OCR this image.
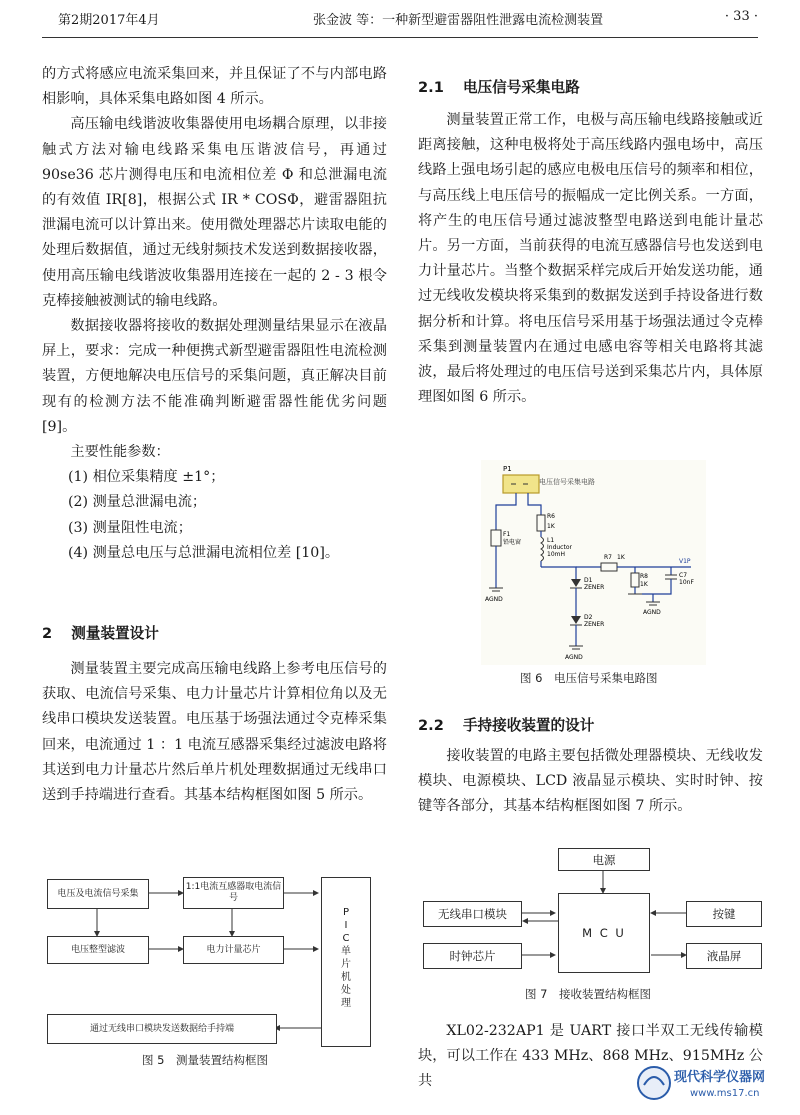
第2期2017年4月	张金波 等：一种新型避雷器阻性泄露电流检测装置	· 33 ·

的方式将感应电流采集回来，并且保证了不与内部电路相影响，具体采集电路如图 4 所示。

高压输电线谐波收集器使用电场耦合原理，以非接触式方法对输电线路采集电压谐波信号，再通过 90se36 芯片测得电压和电流相位差 Φ 和总泄漏电流的有效值 IR[8]，根据公式 IR * COSΦ，避雷器阻抗泄漏电流可以计算出来。使用微处理器芯片读取电能的处理后数据值，通过无线射频技术发送到数据接收器，使用高压输电线谐波收集器用连接在一起的 2 - 3 根令克棒接触被测试的输电线路。

数据接收器将接收的数据处理测量结果显示在液晶屏上，要求：完成一种便携式新型避雷器阻性电流检测装置，方便地解决电压信号的采集问题，真正解决目前现有的检测方法不能准确判断避雷器性能优劣问题[9]。

主要性能参数：

(1) 相位采集精度 ±1°；

(2) 测量总泄漏电流；

(3) 测量阻性电流；

(4) 测量总电压与总泄漏电流相位差 [10]。

2 测量装置设计

测量装置主要完成高压输电线路上参考电压信号的获取、电流信号采集、电力计量芯片计算相位角以及无线串口模块发送装置。电压基于场强法通过令克棒采集回来，电流通过 1 ：1 电流互感器采集经过滤波电路将其送到电力计量芯片然后单片机处理数据通过无线串口送到手持端进行查看。其基本结构框图如图 5 所示。

电压及电流信号采集
1:1电流互感器取电流信号
电压整型滤波	电力计量芯片
通过无线串口模块发送数据给手持端
P
I
C
单
片
机
处
理
图 5　测量装置结构框图
2.1 电压信号采集电路

测量装置正常工作，电极与高压输电线路接触或近距离接触，这种电极将处于高压线路内强电场中，高压线路上强电场引起的感应电极电压信号的频率和相位，与高压线上电压信号的振幅成一定比例关系。一方面，将产生的电压信号通过滤波整型电路送到电能计量芯片。另一方面，当前获得的电流互感器信号也发送到电力计量芯片。当整个数据采样完成后开始发送功能，通过无线收发模块将采集到的数据发送到手持设备进行数据分析和计算。将电压信号采用基于场强法通过令克棒采集到测量装置内在通过电感电容等相关电路将其滤波，最后将处理过的电压信号送到采集芯片内，具体原理图如图 6 所示。

P1
电压信号采集电路
F1
铅电窗
AGND
R6
1K
L1
Inductor
10mH	R7 1K
V1P
R8
1K
C7
10nF
AGND
D1
ZENER
D2
ZENER
AGND
图 6　电压信号采集电路图
2.2 手持接收装置的设计

接收装置的电路主要包括微处理器模块、无线收发模块、电源模块、LCD 液晶显示模块、实时时钟、按键等各部分，其基本结构框图如图 7 所示。

电源
无线串口模块
时钟芯片
M C U
按键
液晶屏
图 7　接收装置结构框图

XL02-232AP1 是 UART 接口半双工无线传输模块，可以工作在 433 MHz、868 MHz、915MHz 公共	现代科学仪器网
www.ms17.cn
